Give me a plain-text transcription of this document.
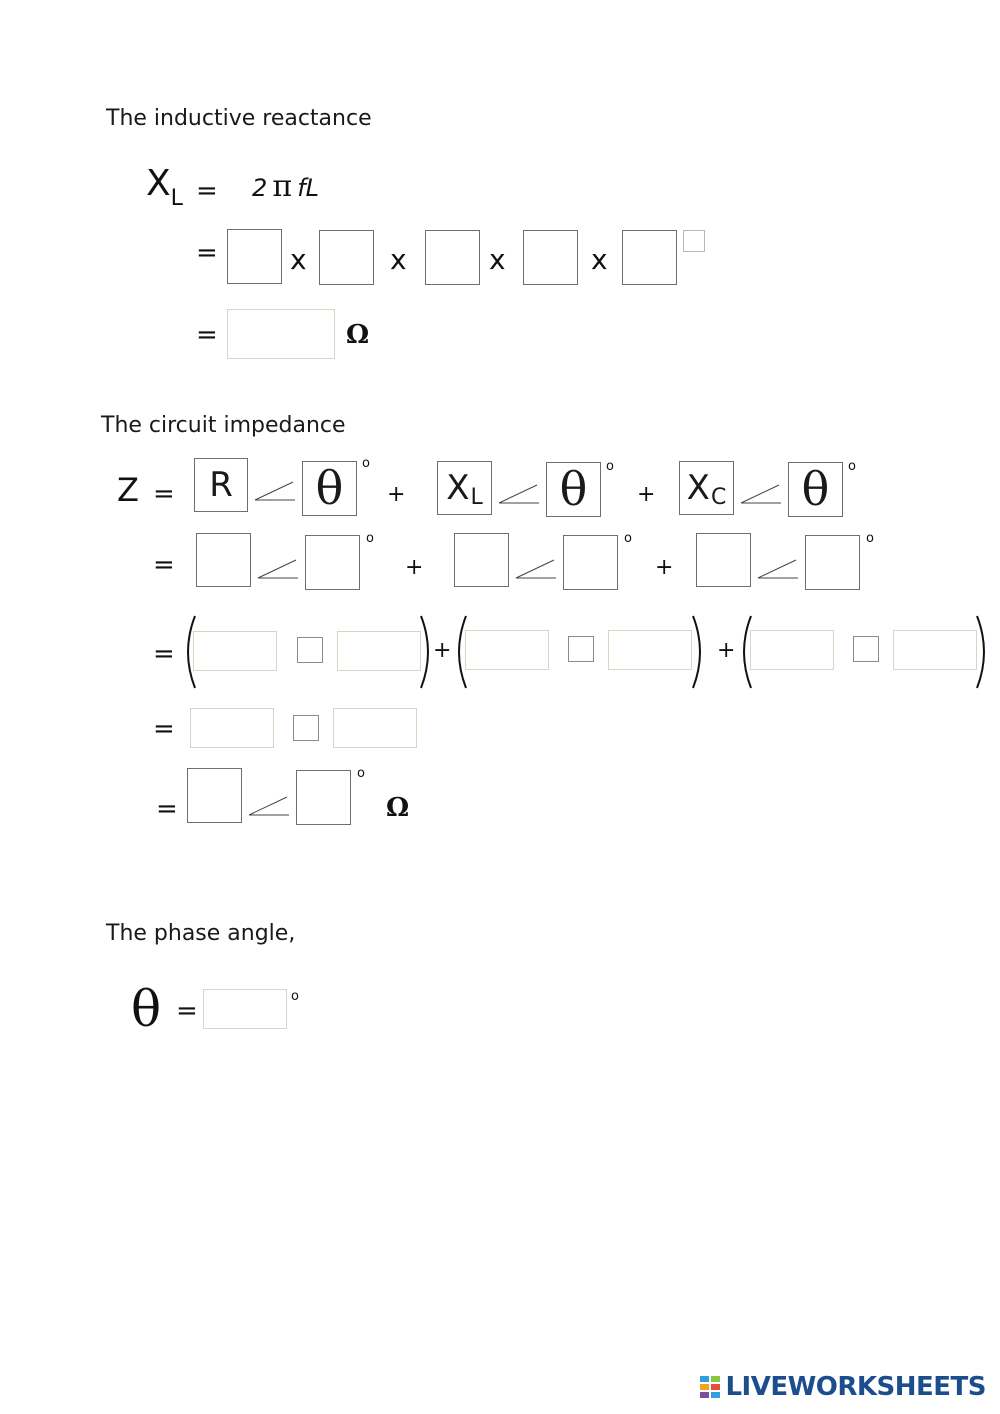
The inductive reactance
XL = 2 π fL
=	x	x	x	x
=	Ω
The circuit impedance
Z = R θ o
+ X L θ o
+ X C θ o
=
o
+
o
+
o
=	+	+
=
=
o
Ω
The phase angle,
θ =	o
LIVEWORKSHEETS
